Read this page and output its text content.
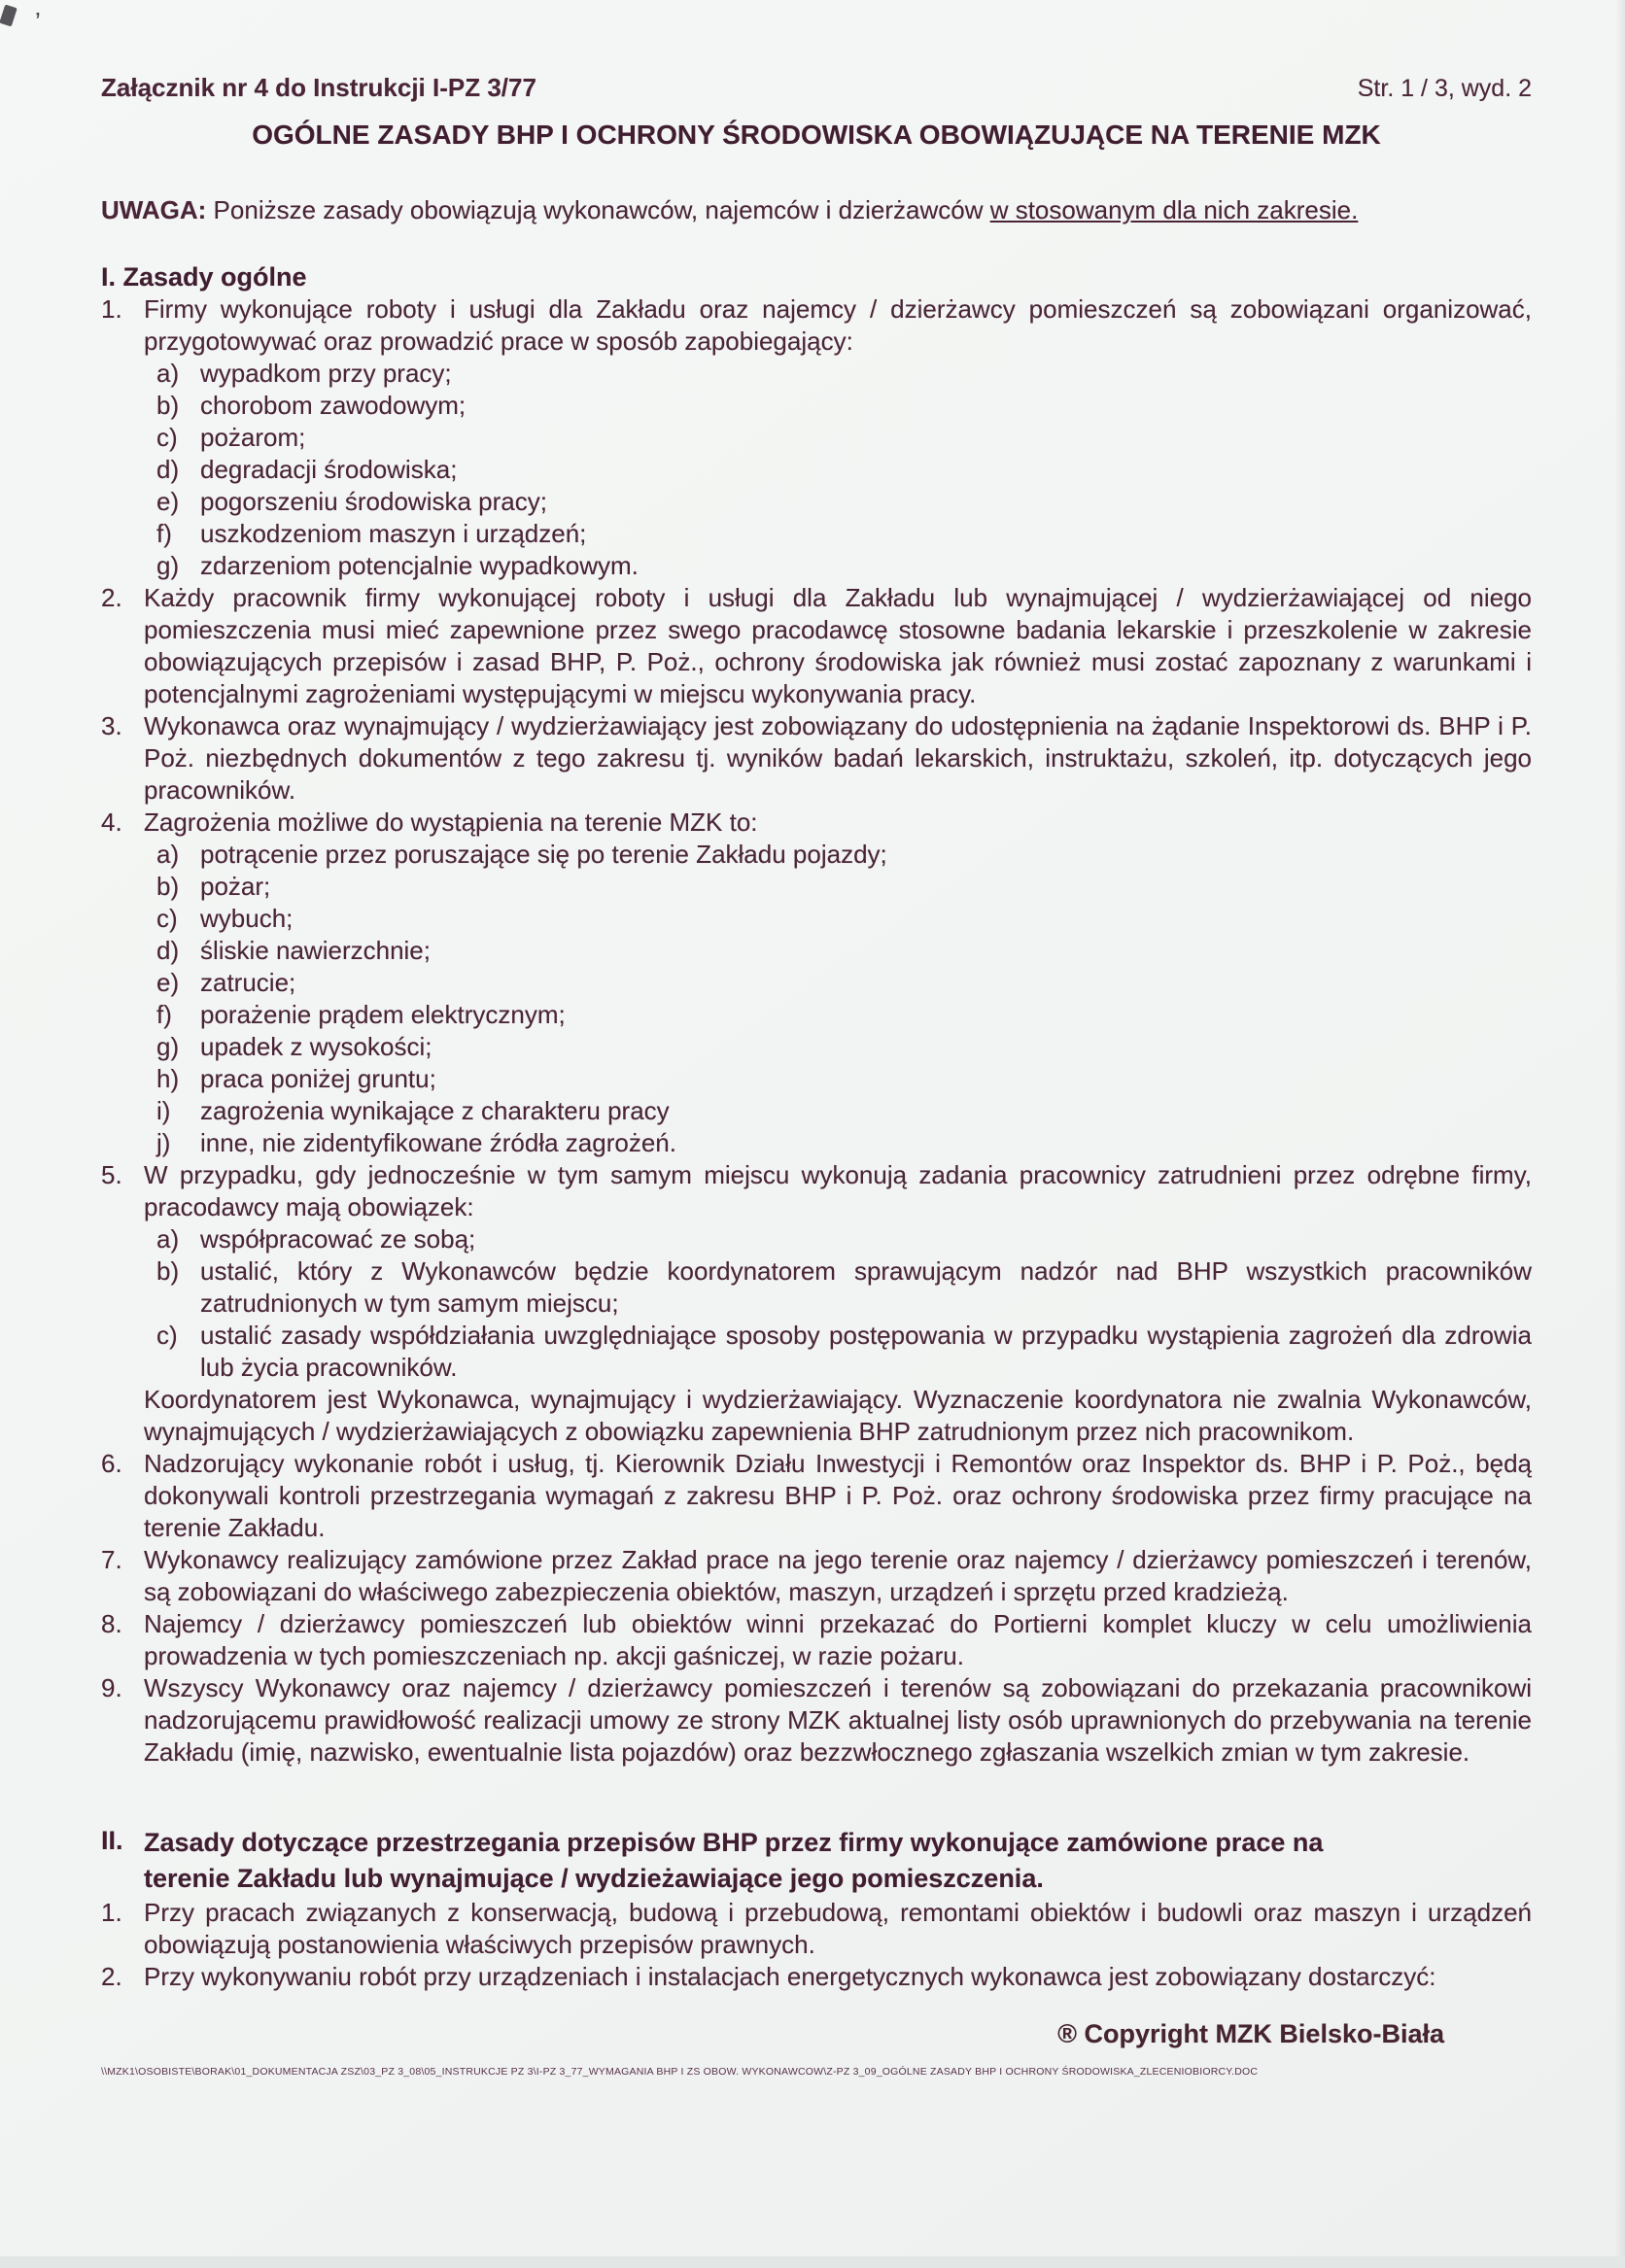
’
Załącznik nr 4 do Instrukcji I-PZ 3/77	Str. 1 / 3, wyd. 2
OGÓLNE ZASADY BHP I OCHRONY ŚRODOWISKA OBOWIĄZUJĄCE NA TERENIE MZK

UWAGA: Poniższe zasady obowiązują wykonawców, najemców i dzierżawców w stosowanym dla nich zakresie.

I. Zasady ogólne
1. Firmy wykonujące roboty i usługi dla Zakładu oraz najemcy / dzierżawcy pomieszczeń są zobowiązani organizować, przygotowywać oraz prowadzić prace w sposób zapobiegający:
a) wypadkom przy pracy;
b) chorobom zawodowym;
c) pożarom;
d) degradacji środowiska;
e) pogorszeniu środowiska pracy;
f)	uszkodzeniom maszyn i urządzeń;
g) zdarzeniom potencjalnie wypadkowym.
2. Każdy pracownik firmy wykonującej roboty i usługi dla Zakładu lub wynajmującej / wydzierżawiającej od niego pomieszczenia musi mieć zapewnione przez swego pracodawcę stosowne badania lekarskie i przeszkolenie w zakresie obowiązujących przepisów i zasad BHP, P. Poż., ochrony środowiska jak również musi zostać zapoznany z warunkami i potencjalnymi zagrożeniami występującymi w miejscu wykonywania pracy.
3. Wykonawca oraz wynajmujący / wydzierżawiający jest zobowiązany do udostępnienia na żądanie Inspektorowi ds. BHP i P. Poż. niezbędnych dokumentów z tego zakresu tj. wyników badań lekarskich, instruktażu, szkoleń, itp. dotyczących jego pracowników.
4. Zagrożenia możliwe do wystąpienia na terenie MZK to:
a) potrącenie przez poruszające się po terenie Zakładu pojazdy;
b) pożar;
c) wybuch;
d) śliskie nawierzchnie;
e) zatrucie;
f)	porażenie prądem elektrycznym;
g) upadek z wysokości;
h) praca poniżej gruntu;
i)	zagrożenia wynikające z charakteru pracy
j)	inne, nie zidentyfikowane źródła zagrożeń.
5. W przypadku, gdy jednocześnie w tym samym miejscu wykonują zadania pracownicy zatrudnieni przez odrębne firmy, pracodawcy mają obowiązek:
a) współpracować ze sobą;
b) ustalić, który z Wykonawców będzie koordynatorem sprawującym nadzór nad BHP wszystkich pracowników zatrudnionych w tym samym miejscu;
c) ustalić zasady współdziałania uwzględniające sposoby postępowania w przypadku wystąpienia zagrożeń dla zdrowia lub życia pracowników.
Koordynatorem jest Wykonawca, wynajmujący i wydzierżawiający. Wyznaczenie koordynatora nie zwalnia Wykonawców, wynajmujących / wydzierżawiających z obowiązku zapewnienia BHP zatrudnionym przez nich pracownikom.
6. Nadzorujący wykonanie robót i usług, tj. Kierownik Działu Inwestycji i Remontów oraz Inspektor ds. BHP i P. Poż., będą dokonywali kontroli przestrzegania wymagań z zakresu BHP i P. Poż. oraz ochrony środowiska przez firmy pracujące na terenie Zakładu.
7. Wykonawcy realizujący zamówione przez Zakład prace na jego terenie oraz najemcy / dzierżawcy pomieszczeń i terenów, są zobowiązani do właściwego zabezpieczenia obiektów, maszyn, urządzeń i sprzętu przed kradzieżą.
8. Najemcy / dzierżawcy pomieszczeń lub obiektów winni przekazać do Portierni komplet kluczy w celu umożliwienia prowadzenia w tych pomieszczeniach np. akcji gaśniczej, w razie pożaru.
9. Wszyscy Wykonawcy oraz najemcy / dzierżawcy pomieszczeń i terenów są zobowiązani do przekazania pracownikowi nadzorującemu prawidłowość realizacji umowy ze strony MZK aktualnej listy osób uprawnionych do przebywania na terenie Zakładu (imię, nazwisko, ewentualnie lista pojazdów) oraz bezzwłocznego zgłaszania wszelkich zmian w tym zakresie.
II. Zasady dotyczące przestrzegania przepisów BHP przez firmy wykonujące zamówione prace na
terenie Zakładu lub wynajmujące / wydzieżawiające jego pomieszczenia.
1. Przy pracach związanych z konserwacją, budową i przebudową, remontami obiektów i budowli oraz maszyn i urządzeń obowiązują postanowienia właściwych przepisów prawnych.
2. Przy wykonywaniu robót przy urządzeniach i instalacjach energetycznych wykonawca jest zobowiązany dostarczyć:
® Copyright MZK Bielsko-Biała
\\MZK1\OSOBISTE\BORAK\01_DOKUMENTACJA ZSZ\03_PZ 3_08\05_INSTRUKCJE PZ 3\I-PZ 3_77_WYMAGANIA BHP I ZS OBOW. WYKONAWCOW\Z-PZ 3_09_OGÓLNE ZASADY BHP I OCHRONY ŚRODOWISKA_ZLECENIOBIORCY.DOC
